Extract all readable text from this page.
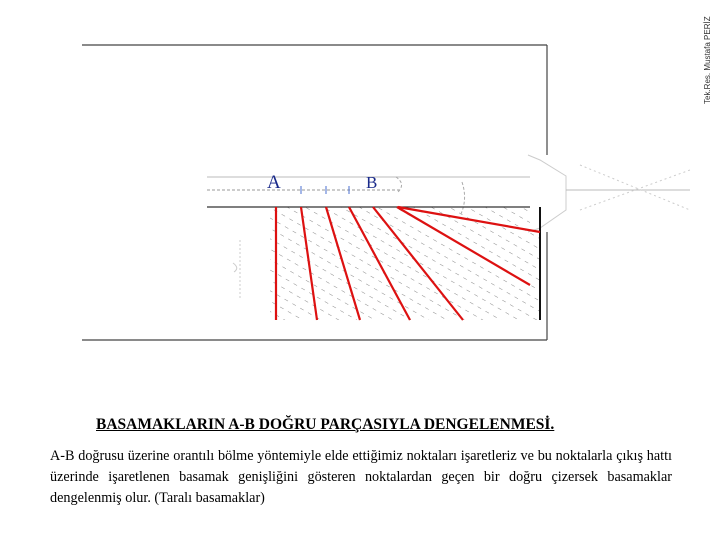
Tek.Res. Mustafa PERİZ
A	B
BASAMAKLARIN A-B DOĞRU PARÇASIYLA DENGELENMESİ.
A-B doğrusu üzerine orantılı bölme yöntemiyle elde ettiğimiz noktaları işaretleriz ve bu noktalarla çıkış hattı üzerinde işaretlenen basamak genişliğini gösteren noktalardan geçen bir doğru çizersek basamaklar dengelenmiş olur. (Taralı basamaklar)
